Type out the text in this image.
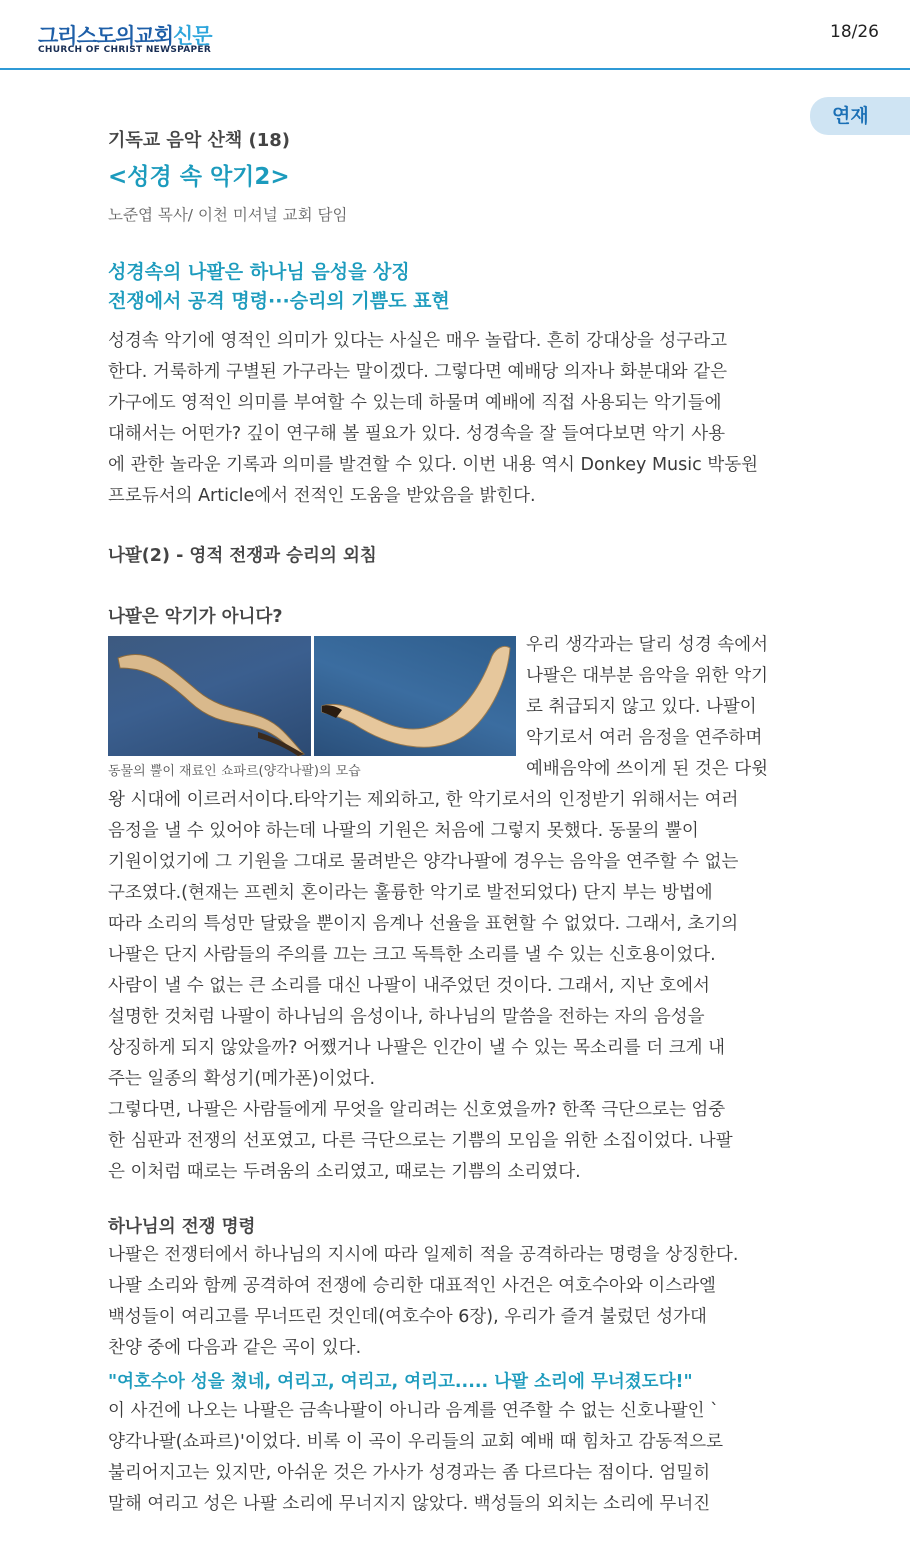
그리스도의교회신문
CHURCH OF CHRIST NEWSPAPER
18/26
연재
기독교 음악 산책 (18)
<성경 속 악기2>
노준엽 목사/ 이천 미셔널 교회 담임
성경속의 나팔은 하나님 음성을 상징
전쟁에서 공격 명령···승리의 기쁨도 표현
성경속 악기에 영적인 의미가 있다는 사실은 매우 놀랍다. 흔히 강대상을 성구라고
한다. 거룩하게 구별된 가구라는 말이겠다. 그렇다면 예배당 의자나 화분대와 같은
가구에도 영적인 의미를 부여할 수 있는데 하물며 예배에 직접 사용되는 악기들에
대해서는 어떤가? 깊이 연구해 볼 필요가 있다. 성경속을 잘 들여다보면 악기 사용
에 관한 놀라운 기록과 의미를 발견할 수 있다. 이번 내용 역시 Donkey Music 박동원
프로듀서의 Article에서 전적인 도움을 받았음을 밝힌다.
나팔(2) - 영적 전쟁과 승리의 외침
나팔은 악기가 아니다?
동물의 뿔이 재료인 쇼파르(양각나팔)의 모습
우리 생각과는 달리 성경 속에서
나팔은 대부분 음악을 위한 악기
로 취급되지 않고 있다. 나팔이
악기로서 여러 음정을 연주하며
예배음악에 쓰이게 된 것은 다윗
왕 시대에 이르러서이다.타악기는 제외하고, 한 악기로서의 인정받기 위해서는 여러
음정을 낼 수 있어야 하는데 나팔의 기원은 처음에 그렇지 못했다. 동물의 뿔이
기원이었기에 그 기원을 그대로 물려받은 양각나팔에 경우는 음악을 연주할 수 없는
구조였다.(현재는 프렌치 혼이라는 훌륭한 악기로 발전되었다) 단지 부는 방법에
따라 소리의 특성만 달랐을 뿐이지 음계나 선율을 표현할 수 없었다. 그래서, 초기의
나팔은 단지 사람들의 주의를 끄는 크고 독특한 소리를 낼 수 있는 신호용이었다.
사람이 낼 수 없는 큰 소리를 대신 나팔이 내주었던 것이다. 그래서, 지난 호에서
설명한 것처럼 나팔이 하나님의 음성이나, 하나님의 말씀을 전하는 자의 음성을
상징하게 되지 않았을까? 어쨌거나 나팔은 인간이 낼 수 있는 목소리를 더 크게 내
주는 일종의 확성기(메가폰)이었다.
그렇다면, 나팔은 사람들에게 무엇을 알리려는 신호였을까? 한쪽 극단으로는 엄중
한 심판과 전쟁의 선포였고, 다른 극단으로는 기쁨의 모임을 위한 소집이었다. 나팔
은 이처럼 때로는 두려움의 소리였고, 때로는 기쁨의 소리였다.
하나님의 전쟁 명령
나팔은 전쟁터에서 하나님의 지시에 따라 일제히 적을 공격하라는 명령을 상징한다.
나팔 소리와 함께 공격하여 전쟁에 승리한 대표적인 사건은 여호수아와 이스라엘
백성들이 여리고를 무너뜨린 것인데(여호수아 6장), 우리가 즐겨 불렀던 성가대
찬양 중에 다음과 같은 곡이 있다.
"여호수아 성을 쳤네, 여리고, 여리고, 여리고..... 나팔 소리에 무너졌도다!"
이 사건에 나오는 나팔은 금속나팔이 아니라 음계를 연주할 수 없는 신호나팔인 `
양각나팔(쇼파르)'이었다. 비록 이 곡이 우리들의 교회 예배 때 힘차고 감동적으로
불리어지고는 있지만, 아쉬운 것은 가사가 성경과는 좀 다르다는 점이다. 엄밀히
말해 여리고 성은 나팔 소리에 무너지지 않았다. 백성들의 외치는 소리에 무너진
